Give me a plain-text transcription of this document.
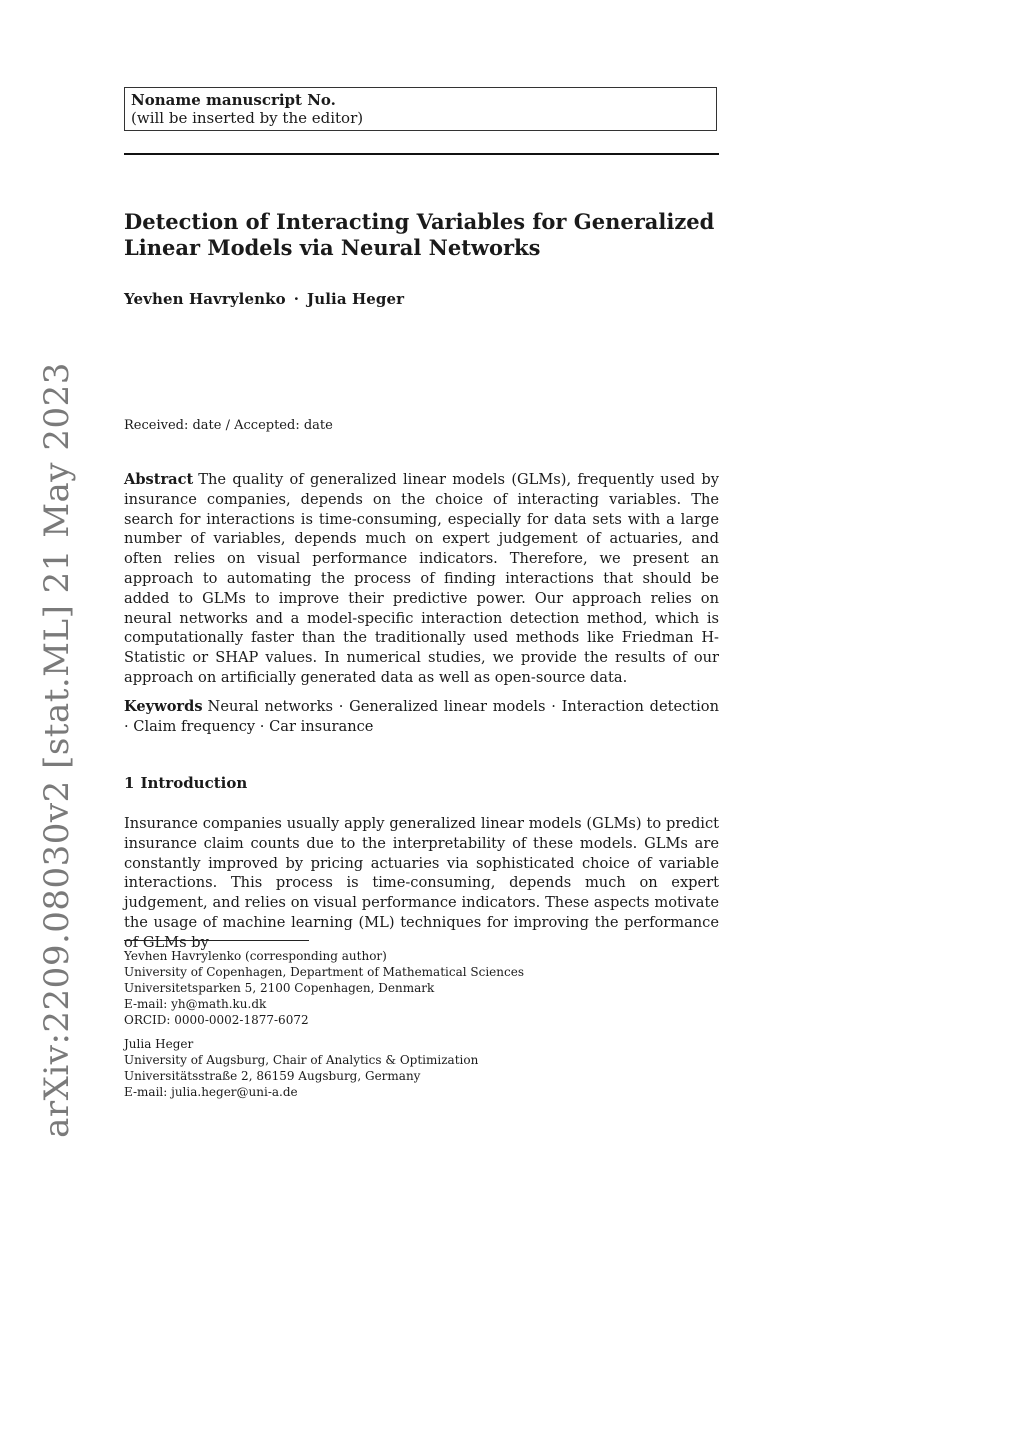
Noname manuscript No.
(will be inserted by the editor)
Detection of Interacting Variables for Generalized Linear Models via Neural Networks
Yevhen Havrylenko · Julia Heger
Received: date / Accepted: date

Abstract The quality of generalized linear models (GLMs), frequently used by insurance companies, depends on the choice of interacting variables. The search for interactions is time-consuming, especially for data sets with a large number of variables, depends much on expert judgement of actuaries, and often relies on visual performance indicators. Therefore, we present an approach to automating the process of finding interactions that should be added to GLMs to improve their predictive power. Our approach relies on neural networks and a model-specific interaction detection method, which is computationally faster than the traditionally used methods like Friedman H-Statistic or SHAP values. In numerical studies, we provide the results of our approach on artificially generated data as well as open-source data.

Keywords Neural networks · Generalized linear models · Interaction detection · Claim frequency · Car insurance

1 Introduction

Insurance companies usually apply generalized linear models (GLMs) to predict insurance claim counts due to the interpretability of these models. GLMs are constantly improved by pricing actuaries via sophisticated choice of variable interactions. This process is time-consuming, depends much on expert judgement, and relies on visual performance indicators. These aspects motivate the usage of machine learning (ML) techniques for improving the performance of GLMs by

Yevhen Havrylenko (corresponding author)
University of Copenhagen, Department of Mathematical Sciences
Universitetsparken 5, 2100 Copenhagen, Denmark
E-mail: yh@math.ku.dk
ORCID: 0000-0002-1877-6072
Julia Heger
University of Augsburg, Chair of Analytics & Optimization
Universitätsstraße 2, 86159 Augsburg, Germany
E-mail: julia.heger@uni-a.de
arXiv:2209.08030v2 [stat.ML] 21 May 2023
